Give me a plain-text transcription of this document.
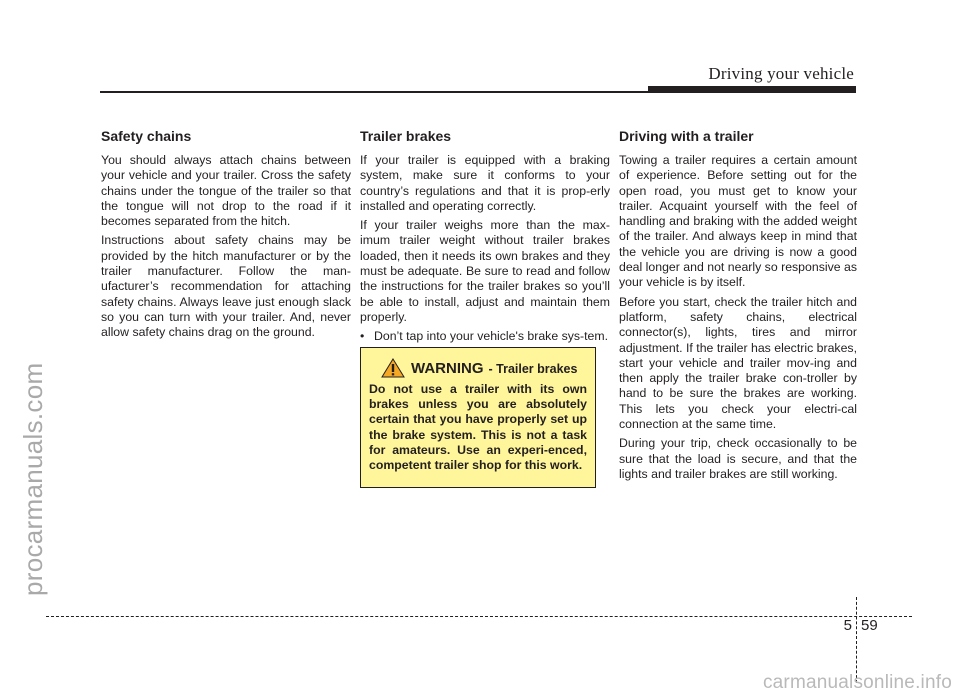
Driving your vehicle
procarmanuals.com
Safety chains

You should always attach chains between your vehicle and your trailer. Cross the safety chains under the tongue of the trailer so that the tongue will not drop to the road if it becomes separated from the hitch.

Instructions about safety chains may be provided by the hitch manufacturer or by the trailer manufacturer. Follow the man-ufacturer’s recommendation for attaching safety chains. Always leave just enough slack so you can turn with your trailer. And, never allow safety chains drag on the ground.

Trailer brakes

If your trailer is equipped with a braking system, make sure it conforms to your country’s regulations and that it is prop-erly installed and operating correctly.

If your trailer weighs more than the max-imum trailer weight without trailer brakes loaded, then it needs its own brakes and they must be adequate. Be sure to read and follow the instructions for the trailer brakes so you’ll be able to install, adjust and maintain them properly.

• Don’t tap into your vehicle's brake sys-tem.
WARNING - Trailer brakes

Do not use a trailer with its own brakes unless you are absolutely certain that you have properly set up the brake system. This is not a task for amateurs. Use an experi-enced, competent trailer shop for this work.

Driving with a trailer

Towing a trailer requires a certain amount of experience. Before setting out for the open road, you must get to know your trailer. Acquaint yourself with the feel of handling and braking with the added weight of the trailer. And always keep in mind that the vehicle you are driving is now a good deal longer and not nearly so responsive as your vehicle is by itself.

Before you start, check the trailer hitch and platform, safety chains, electrical connector(s), lights, tires and mirror adjustment. If the trailer has electric brakes, start your vehicle and trailer mov-ing and then apply the trailer brake con-troller by hand to be sure the brakes are working. This lets you check your electri-cal connection at the same time.

During your trip, check occasionally to be sure that the load is secure, and that the lights and trailer brakes are still working.

5 59
carmanualsonline.info
